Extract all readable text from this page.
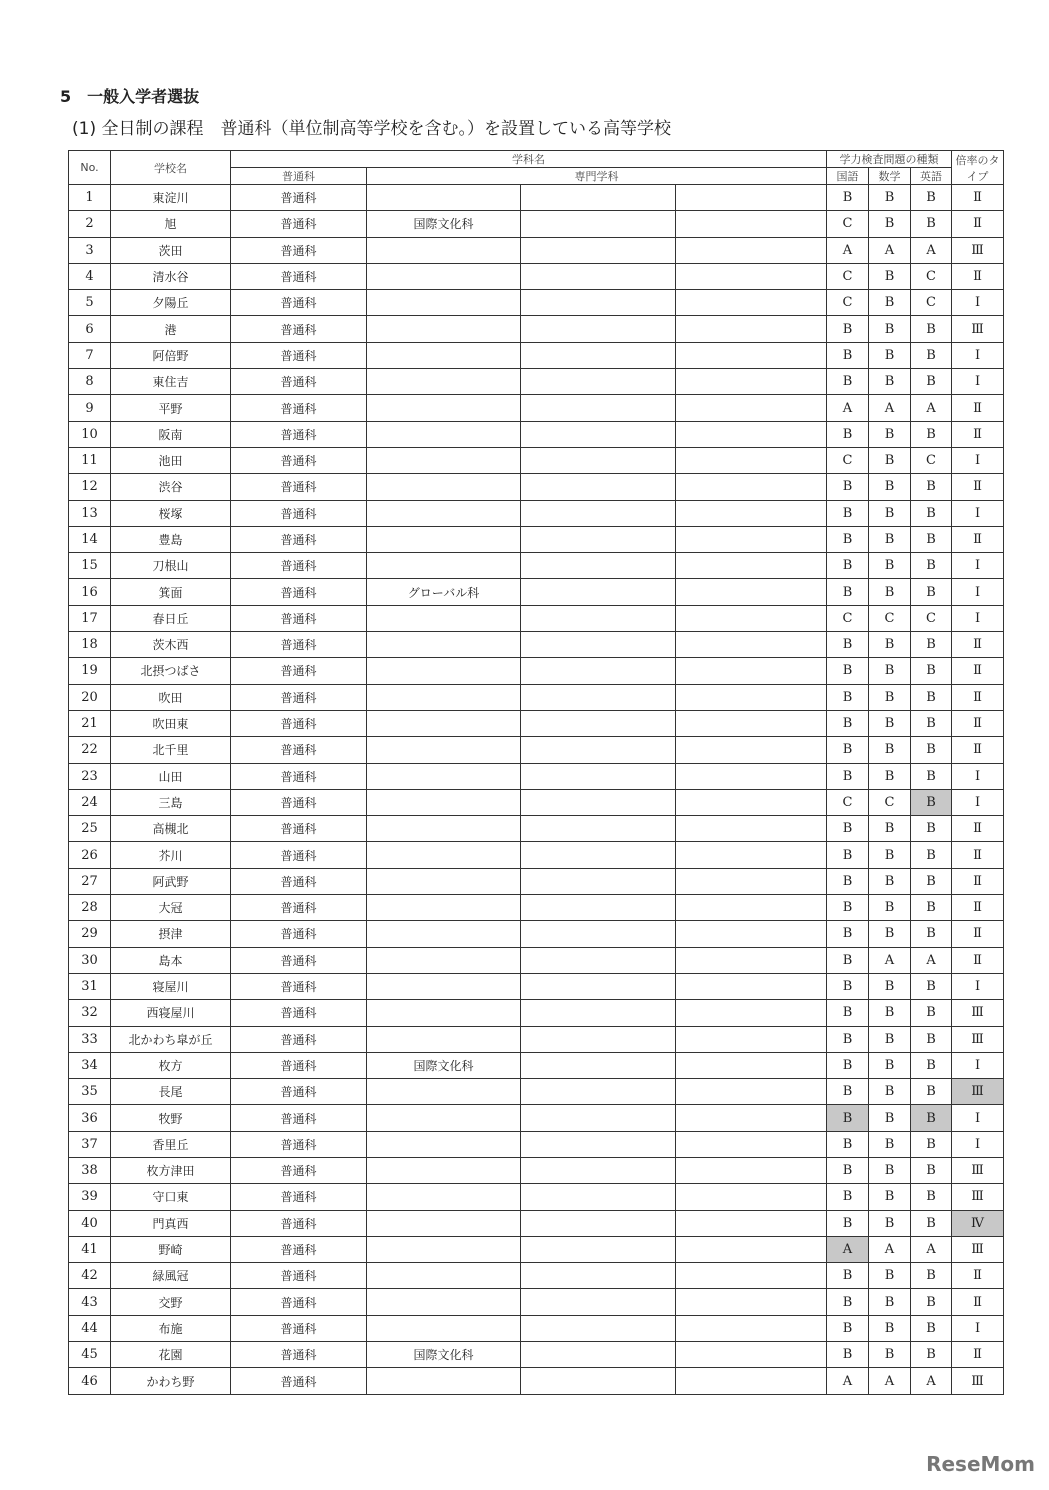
5　一般入学者選抜
(1) 全日制の課程　普通科（単位制高等学校を含む。）を設置している高等学校
No.	学校名	学科名				学力検査問題の種類			倍率のタイプ
		普通科	専門学科			国語	数学	英語	
1	東淀川	普通科				B	B	B	Ⅱ
2	旭	普通科	国際文化科			C	B	B	Ⅱ
3	茨田	普通科				A	A	A	Ⅲ
4	清水谷	普通科				C	B	C	Ⅱ
5	夕陽丘	普通科				C	B	C	Ⅰ
6	港	普通科				B	B	B	Ⅲ
7	阿倍野	普通科				B	B	B	Ⅰ
8	東住吉	普通科				B	B	B	Ⅰ
9	平野	普通科				A	A	A	Ⅱ
10	阪南	普通科				B	B	B	Ⅱ
11	池田	普通科				C	B	C	Ⅰ
12	渋谷	普通科				B	B	B	Ⅱ
13	桜塚	普通科				B	B	B	Ⅰ
14	豊島	普通科				B	B	B	Ⅱ
15	刀根山	普通科				B	B	B	Ⅰ
16	箕面	普通科	グローバル科			B	B	B	Ⅰ
17	春日丘	普通科				C	C	C	Ⅰ
18	茨木西	普通科				B	B	B	Ⅱ
19	北摂つばさ	普通科				B	B	B	Ⅱ
20	吹田	普通科				B	B	B	Ⅱ
21	吹田東	普通科				B	B	B	Ⅱ
22	北千里	普通科				B	B	B	Ⅱ
23	山田	普通科				B	B	B	Ⅰ
24	三島	普通科				C	C	B	Ⅰ
25	高槻北	普通科				B	B	B	Ⅱ
26	芥川	普通科				B	B	B	Ⅱ
27	阿武野	普通科				B	B	B	Ⅱ
28	大冠	普通科				B	B	B	Ⅱ
29	摂津	普通科				B	B	B	Ⅱ
30	島本	普通科				B	A	A	Ⅱ
31	寝屋川	普通科				B	B	B	Ⅰ
32	西寝屋川	普通科				B	B	B	Ⅲ
33	北かわち皐が丘	普通科				B	B	B	Ⅲ
34	枚方	普通科	国際文化科			B	B	B	Ⅰ
35	長尾	普通科				B	B	B	Ⅲ
36	牧野	普通科				B	B	B	Ⅰ
37	香里丘	普通科				B	B	B	Ⅰ
38	枚方津田	普通科				B	B	B	Ⅲ
39	守口東	普通科				B	B	B	Ⅲ
40	門真西	普通科				B	B	B	Ⅳ
41	野崎	普通科				A	A	A	Ⅲ
42	緑風冠	普通科				B	B	B	Ⅱ
43	交野	普通科				B	B	B	Ⅱ
44	布施	普通科				B	B	B	Ⅰ
45	花園	普通科	国際文化科			B	B	B	Ⅱ
46	かわち野	普通科				A	A	A	Ⅲ
ReseMom
